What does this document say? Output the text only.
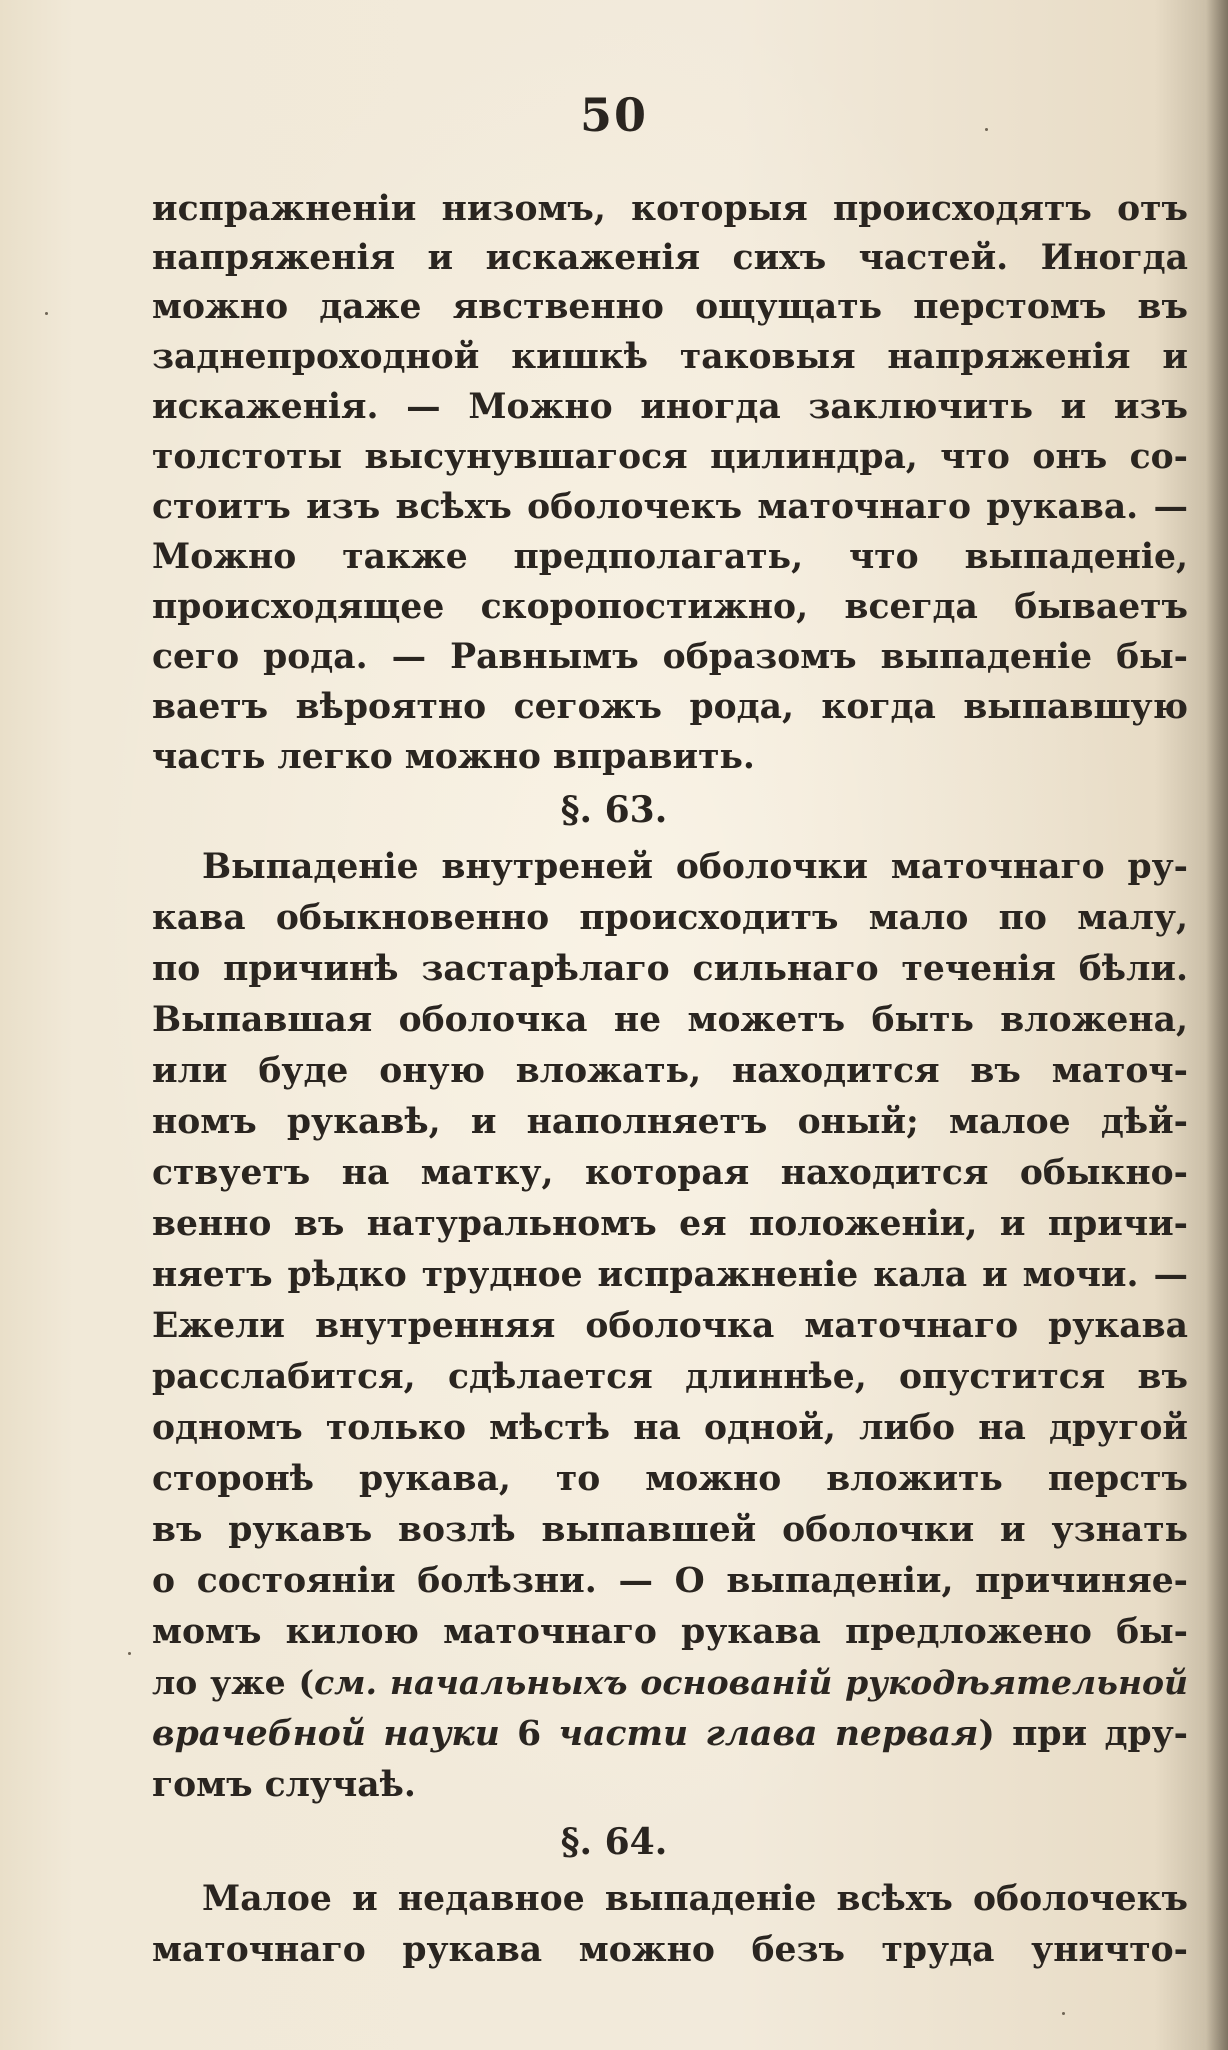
50
испражненіи низомъ, которыя происходятъ отъ
напряженія и искаженія сихъ частей. Иногда
можно даже явственно ощущать перстомъ въ
заднепроходной кишкѣ таковыя напряженія и
искаженія. — Можно иногда заключить и изъ
толстоты высунувшагося цилиндра, что онъ со-
стоитъ изъ всѣхъ оболочекъ маточнаго рукава. —
Можно также предполагать, что выпаденіе,
происходящее скоропостижно, всегда бываетъ
сего рода. — Равнымъ образомъ выпаденіе бы-
ваетъ вѣроятно сегожъ рода, когда выпавшую
часть легко можно вправить.
§. 63.
Выпаденіе внутреней оболочки маточнаго ру-
кава обыкновенно происходитъ мало по малу,
по причинѣ застарѣлаго сильнаго теченія бѣли.
Выпавшая оболочка не можетъ быть вложена,
или буде оную вложать, находится въ маточ-
номъ рукавѣ, и наполняетъ оный; малое дѣй-
ствуетъ на матку, которая находится обыкно-
венно въ натуральномъ ея положеніи, и причи-
няетъ рѣдко трудное испражненіе кала и мочи. —
Ежели внутренняя оболочка маточнаго рукава
расслабится, сдѣлается длиннѣе, опустится въ
одномъ только мѣстѣ на одной, либо на другой
сторонѣ рукава, то можно вложить перстъ
въ рукавъ возлѣ выпавшей оболочки и узнать
о состояніи болѣзни. — О выпаденіи, причиняе-
момъ килою маточнаго рукава предложено бы-
ло уже (см. начальныхъ основаній рукодѣятельной
врачебной науки 6 части глава первая) при дру-
гомъ случаѣ.
§. 64.
Малое и недавное выпаденіе всѣхъ оболочекъ
маточнаго рукава можно безъ труда уничто-
